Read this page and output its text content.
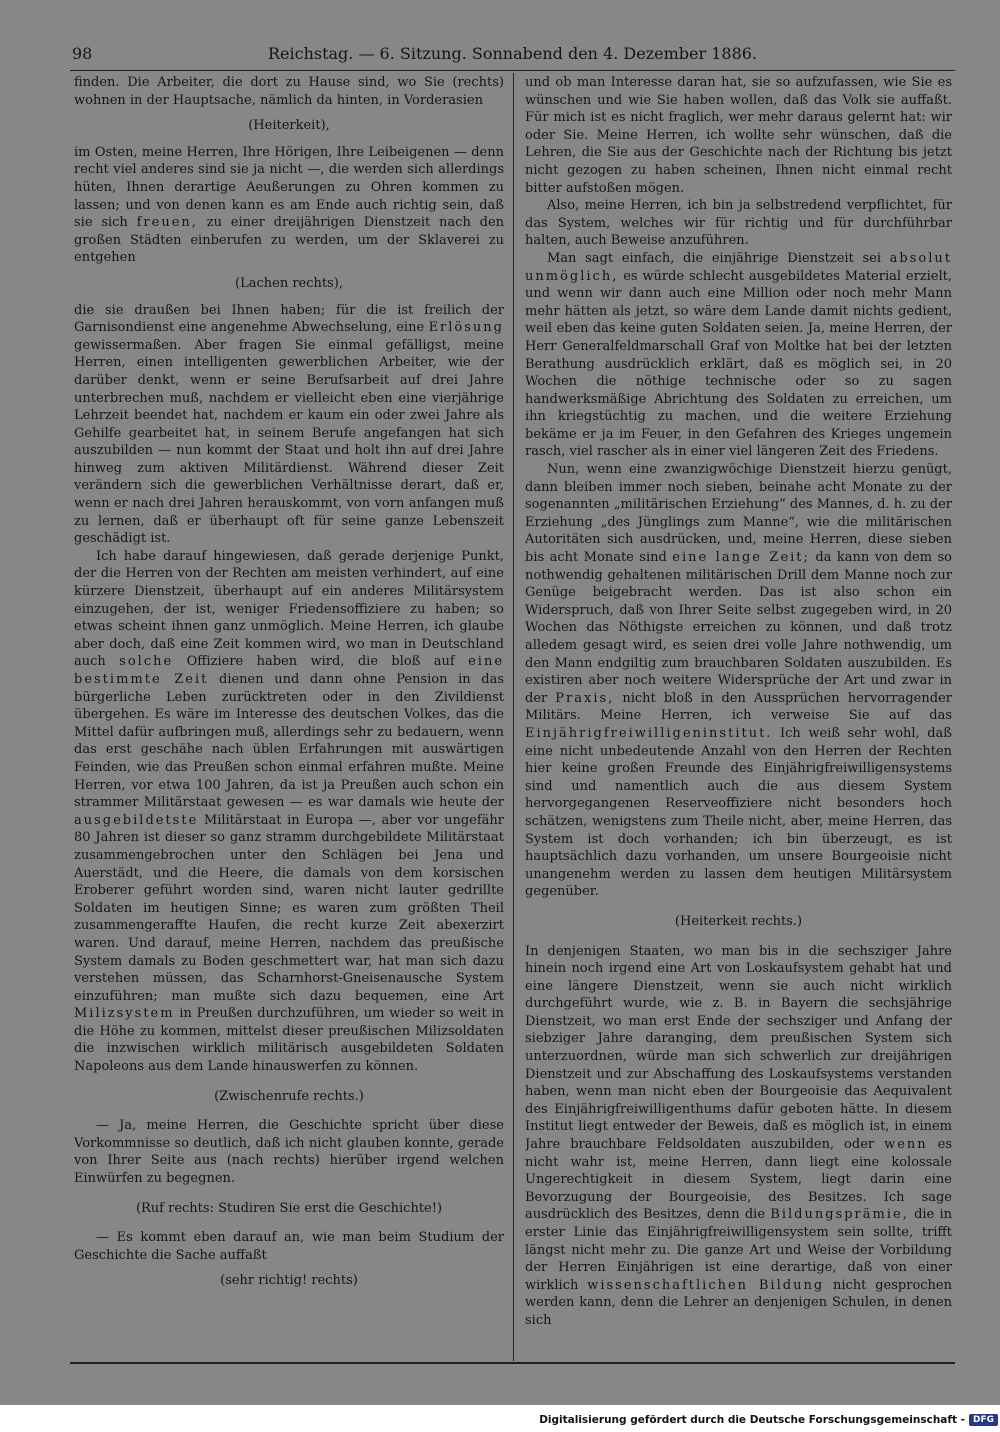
98	Reichstag. — 6. Sitzung. Sonnabend den 4. Dezember 1886.

finden. Die Arbeiter, die dort zu Hause sind, wo Sie (rechts) wohnen in der Hauptsache, nämlich da hinten, in Vorderasien

(Heiterkeit),

im Osten, meine Herren, Ihre Hörigen, Ihre Leibeigenen — denn recht viel anderes sind sie ja nicht —, die werden sich allerdings hüten, Ihnen derartige Aeußerungen zu Ohren kommen zu lassen; und von denen kann es am Ende auch richtig sein, daß sie sich freuen, zu einer dreijährigen Dienstzeit nach den großen Städten einberufen zu werden, um der Sklaverei zu entgehen

(Lachen rechts),

die sie draußen bei Ihnen haben; für die ist freilich der Garnisondienst eine angenehme Abwechselung, eine Erlösung gewissermaßen. Aber fragen Sie einmal gefälligst, meine Herren, einen intelligenten gewerblichen Arbeiter, wie der darüber denkt, wenn er seine Berufsarbeit auf drei Jahre unterbrechen muß, nachdem er vielleicht eben eine vierjährige Lehrzeit beendet hat, nachdem er kaum ein oder zwei Jahre als Gehilfe gearbeitet hat, in seinem Berufe angefangen hat sich auszubilden — nun kommt der Staat und holt ihn auf drei Jahre hinweg zum aktiven Militärdienst. Während dieser Zeit verändern sich die gewerblichen Verhältnisse derart, daß er, wenn er nach drei Jahren herauskommt, von vorn anfangen muß zu lernen, daß er überhaupt oft für seine ganze Lebenszeit geschädigt ist.

Ich habe darauf hingewiesen, daß gerade derjenige Punkt, der die Herren von der Rechten am meisten verhindert, auf eine kürzere Dienstzeit, überhaupt auf ein anderes Militärsystem einzugehen, der ist, weniger Friedensoffiziere zu haben; so etwas scheint ihnen ganz unmöglich. Meine Herren, ich glaube aber doch, daß eine Zeit kommen wird, wo man in Deutschland auch solche Offiziere haben wird, die bloß auf eine bestimmte Zeit dienen und dann ohne Pension in das bürgerliche Leben zurücktreten oder in den Zivildienst übergehen. Es wäre im Interesse des deutschen Volkes, das die Mittel dafür aufbringen muß, allerdings sehr zu bedauern, wenn das erst geschähe nach üblen Erfahrungen mit auswärtigen Feinden, wie das Preußen schon einmal erfahren mußte. Meine Herren, vor etwa 100 Jahren, da ist ja Preußen auch schon ein strammer Militärstaat gewesen — es war damals wie heute der ausgebildetste Militärstaat in Europa —, aber vor ungefähr 80 Jahren ist dieser so ganz stramm durchgebildete Militärstaat zusammengebrochen unter den Schlägen bei Jena und Auerstädt, und die Heere, die damals von dem korsischen Eroberer geführt worden sind, waren nicht lauter gedrillte Soldaten im heutigen Sinne; es waren zum größten Theil zusammengeraffte Haufen, die recht kurze Zeit abexerzirt waren. Und darauf, meine Herren, nachdem das preußische System damals zu Boden geschmettert war, hat man sich dazu verstehen müssen, das Scharnhorst-Gneisenausche System einzuführen; man mußte sich dazu bequemen, eine Art Milizsystem in Preußen durchzuführen, um wieder so weit in die Höhe zu kommen, mittelst dieser preußischen Milizsoldaten die inzwischen wirklich militärisch ausgebildeten Soldaten Napoleons aus dem Lande hinauswerfen zu können.

(Zwischenrufe rechts.)

— Ja, meine Herren, die Geschichte spricht über diese Vorkommnisse so deutlich, daß ich nicht glauben konnte, gerade von Ihrer Seite aus (nach rechts) hierüber irgend welchen Einwürfen zu begegnen.

(Ruf rechts: Studiren Sie erst die Geschichte!)

— Es kommt eben darauf an, wie man beim Studium der Geschichte die Sache auffaßt

(sehr richtig! rechts)

und ob man Interesse daran hat, sie so aufzufassen, wie Sie es wünschen und wie Sie haben wollen, daß das Volk sie auffaßt. Für mich ist es nicht fraglich, wer mehr daraus gelernt hat: wir oder Sie. Meine Herren, ich wollte sehr wünschen, daß die Lehren, die Sie aus der Geschichte nach der Richtung bis jetzt nicht gezogen zu haben scheinen, Ihnen nicht einmal recht bitter aufstoßen mögen.

Also, meine Herren, ich bin ja selbstredend verpflichtet, für das System, welches wir für richtig und für durchführbar halten, auch Beweise anzuführen.

Man sagt einfach, die einjährige Dienstzeit sei absolut unmöglich, es würde schlecht ausgebildetes Material erzielt, und wenn wir dann auch eine Million oder noch mehr Mann mehr hätten als jetzt, so wäre dem Lande damit nichts gedient, weil eben das keine guten Soldaten seien. Ja, meine Herren, der Herr Generalfeldmarschall Graf von Moltke hat bei der letzten Berathung ausdrücklich erklärt, daß es möglich sei, in 20 Wochen die nöthige technische oder so zu sagen handwerksmäßige Abrichtung des Soldaten zu erreichen, um ihn kriegstüchtig zu machen, und die weitere Erziehung bekäme er ja im Feuer, in den Gefahren des Krieges ungemein rasch, viel rascher als in einer viel längeren Zeit des Friedens.

Nun, wenn eine zwanzigwöchige Dienstzeit hierzu genügt, dann bleiben immer noch sieben, beinahe acht Monate zu der sogenannten „militärischen Erziehung“ des Mannes, d. h. zu der Erziehung „des Jünglings zum Manne“, wie die militärischen Autoritäten sich ausdrücken, und, meine Herren, diese sieben bis acht Monate sind eine lange Zeit; da kann von dem so nothwendig gehaltenen militärischen Drill dem Manne noch zur Genüge beigebracht werden. Das ist also schon ein Widerspruch, daß von Ihrer Seite selbst zugegeben wird, in 20 Wochen das Nöthigste erreichen zu können, und daß trotz alledem gesagt wird, es seien drei volle Jahre nothwendig, um den Mann endgiltig zum brauchbaren Soldaten auszubilden. Es existiren aber noch weitere Widersprüche der Art und zwar in der Praxis, nicht bloß in den Aussprüchen hervorragender Militärs. Meine Herren, ich verweise Sie auf das Einjährigfreiwilligeninstitut. Ich weiß sehr wohl, daß eine nicht unbedeutende Anzahl von den Herren der Rechten hier keine großen Freunde des Einjährigfreiwilligensystems sind und namentlich auch die aus diesem System hervorgegangenen Reserveoffiziere nicht besonders hoch schätzen, wenigstens zum Theile nicht, aber, meine Herren, das System ist doch vorhanden; ich bin überzeugt, es ist hauptsächlich dazu vorhanden, um unsere Bourgeoisie nicht unangenehm werden zu lassen dem heutigen Militärsystem gegenüber.

(Heiterkeit rechts.)

In denjenigen Staaten, wo man bis in die sechsziger Jahre hinein noch irgend eine Art von Loskaufsystem gehabt hat und eine längere Dienstzeit, wenn sie auch nicht wirklich durchgeführt wurde, wie z. B. in Bayern die sechsjährige Dienstzeit, wo man erst Ende der sechsziger und Anfang der siebziger Jahre daranging, dem preußischen System sich unterzuordnen, würde man sich schwerlich zur dreijährigen Dienstzeit und zur Abschaffung des Loskaufsystems verstanden haben, wenn man nicht eben der Bourgeoisie das Aequivalent des Einjährigfreiwilligenthums dafür geboten hätte. In diesem Institut liegt entweder der Beweis, daß es möglich ist, in einem Jahre brauchbare Feldsoldaten auszubilden, oder wenn es nicht wahr ist, meine Herren, dann liegt eine kolossale Ungerechtigkeit in diesem System, liegt darin eine Bevorzugung der Bourgeoisie, des Besitzes. Ich sage ausdrücklich des Besitzes, denn die Bildungsprämie, die in erster Linie das Einjährigfreiwilligensystem sein sollte, trifft längst nicht mehr zu. Die ganze Art und Weise der Vorbildung der Herren Einjährigen ist eine derartige, daß von einer wirklich wissenschaftlichen Bildung nicht gesprochen werden kann, denn die Lehrer an denjenigen Schulen, in denen sich

Digitalisierung gefördert durch die Deutsche Forschungsgemeinschaft - DFG
